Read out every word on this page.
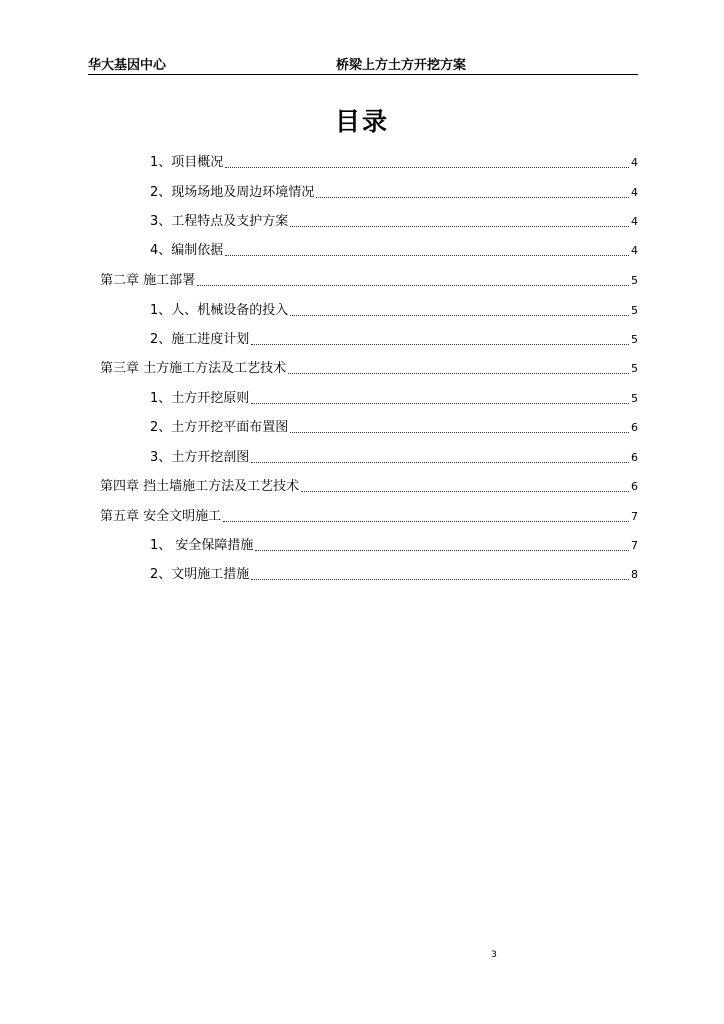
华大基因中心	桥梁上方土方开挖方案
目录
1、项目概况	4
2、现场场地及周边环境情况	4
3、工程特点及支护方案	4
4、编制依据	4
第二章 施工部署	5
1、人、机械设备的投入	5
2、施工进度计划	5
第三章 土方施工方法及工艺技术	5
1、土方开挖原则	5
2、土方开挖平面布置图	6
3、土方开挖剖图	6
第四章 挡土墙施工方法及工艺技术	6
第五章 安全文明施工	7
1、 安全保障措施	7
2、文明施工措施	8
3
